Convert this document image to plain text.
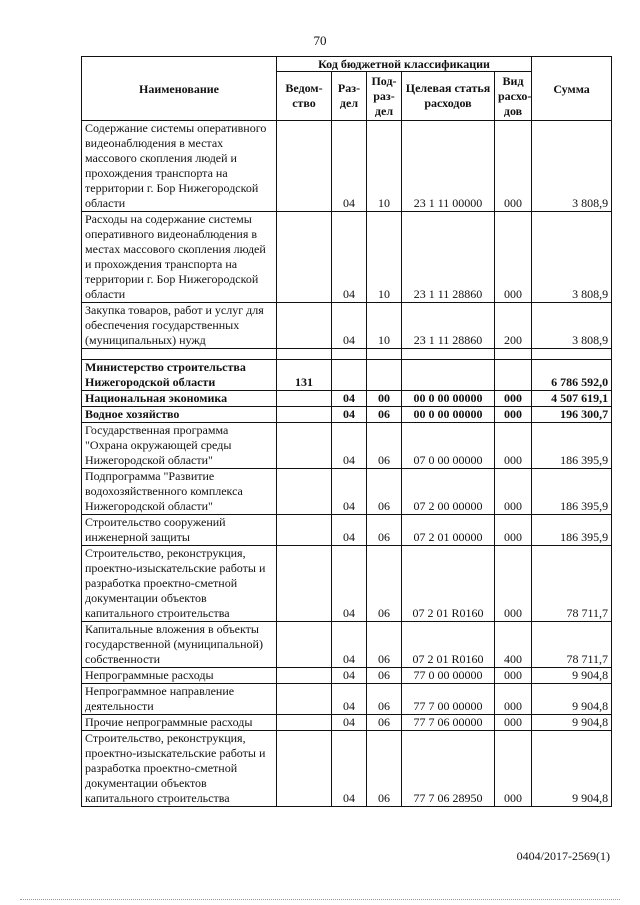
70
Наименование	Код бюджетной классификации					Сумма
	Ведом- ство	Раз- дел	Под- раз- дел	Целевая статья расходов	Вид расхо- дов	
Содержание системы оперативного видеонаблюдения в местах массового скопления людей и прохождения транспорта на территории г. Бор Нижегородской области		04	10	23 1 11 00000	000	3 808,9
Расходы на содержание системы оперативного видеонаблюдения в местах массового скопления людей и прохождения транспорта на территории г. Бор Нижегородской области		04	10	23 1 11 28860	000	3 808,9
Закупка товаров, работ и услуг для обеспечения государственных (муниципальных) нужд		04	10	23 1 11 28860	200	3 808,9

Министерство строительства Нижегородской области	131					6 786 592,0
Национальная экономика		04	00	00 0 00 00000	000	4 507 619,1
Водное хозяйство		04	06	00 0 00 00000	000	196 300,7
Государственная программа "Охрана окружающей среды Нижегородской области"		04	06	07 0 00 00000	000	186 395,9
Подпрограмма "Развитие водохозяйственного комплекса Нижегородской области"		04	06	07 2 00 00000	000	186 395,9
Строительство сооружений инженерной защиты		04	06	07 2 01 00000	000	186 395,9
Строительство, реконструкция, проектно-изыскательские работы и разработка проектно-сметной документации объектов капитального строительства		04	06	07 2 01 R0160	000	78 711,7
Капитальные вложения в объекты государственной (муниципальной) собственности		04	06	07 2 01 R0160	400	78 711,7
Непрограммные расходы		04	06	77 0 00 00000	000	9 904,8
Непрограммное направление деятельности		04	06	77 7 00 00000	000	9 904,8
Прочие непрограммные расходы		04	06	77 7 06 00000	000	9 904,8
Строительство, реконструкция, проектно-изыскательские работы и разработка проектно-сметной документации объектов капитального строительства		04	06	77 7 06 28950	000	9 904,8
0404/2017-2569(1)
